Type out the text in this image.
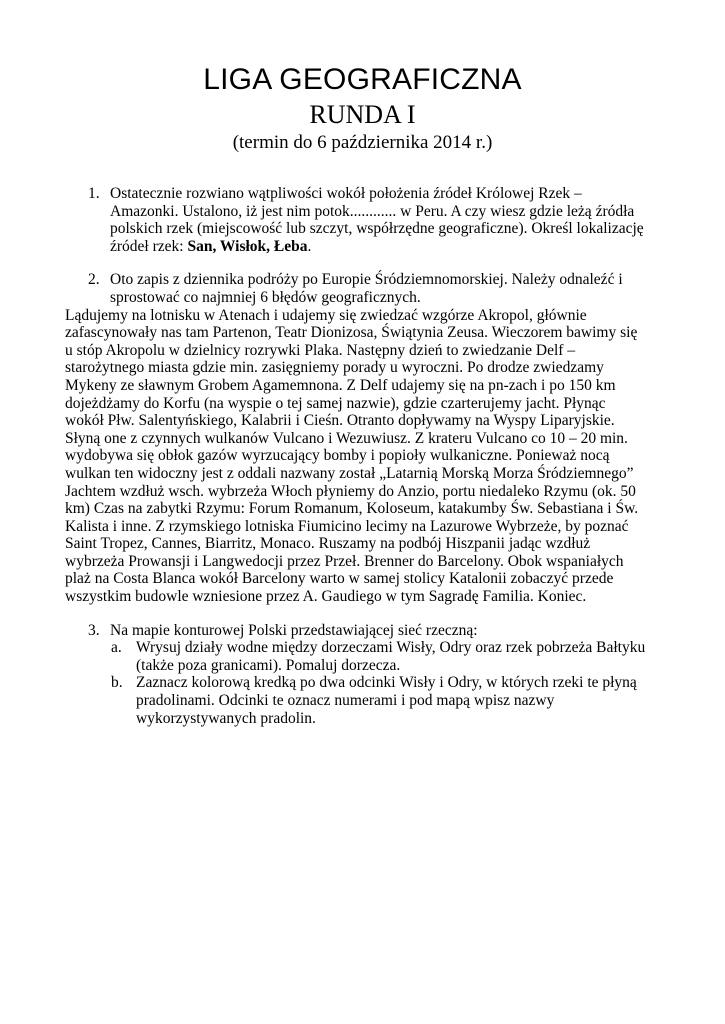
LIGA GEOGRAFICZNA
RUNDA I
(termin do 6 października 2014 r.)
1. Ostatecznie rozwiano wątpliwości wokół położenia źródeł Królowej Rzek – Amazonki. Ustalono, iż jest nim potok............ w Peru. A czy wiesz gdzie leżą źródła polskich rzek (miejscowość lub szczyt, współrzędne geograficzne). Określ lokalizację źródeł rzek: San, Wisłok, Łeba.
2. Oto zapis z dziennika podróży po Europie Śródziemnomorskiej. Należy odnaleźć i sprostować co najmniej 6 błędów geograficznych.
Lądujemy na lotnisku w Atenach i udajemy się zwiedzać wzgórze Akropol, głównie zafascynowały nas tam Partenon, Teatr Dionizosa, Świątynia Zeusa. Wieczorem bawimy się u stóp Akropolu w dzielnicy rozrywki Plaka. Następny dzień to zwiedzanie Delf – starożytnego miasta gdzie min. zasięgniemy porady u wyroczni. Po drodze zwiedzamy Mykeny ze sławnym Grobem Agamemnona. Z Delf udajemy się na pn-zach i po 150 km dojeżdżamy do Korfu (na wyspie o tej samej nazwie), gdzie czarterujemy jacht. Płynąc wokół Płw. Salentyńskiego, Kalabrii i Cieśn. Otranto dopływamy na Wyspy Liparyjskie. Słyną one z czynnych wulkanów Vulcano i Wezuwiusz. Z krateru Vulcano co 10 – 20 min. wydobywa się obłok gazów wyrzucający bomby i popioły wulkaniczne. Ponieważ nocą wulkan ten widoczny jest z oddali nazwany został „Latarnią Morską Morza Śródziemnego” Jachtem wzdłuż wsch. wybrzeża Włoch płyniemy do Anzio, portu niedaleko Rzymu (ok. 50 km) Czas na zabytki Rzymu: Forum Romanum, Koloseum, katakumby Św. Sebastiana i Św. Kalista i inne. Z rzymskiego lotniska Fiumicino lecimy na Lazurowe Wybrzeże, by poznać Saint Tropez, Cannes, Biarritz, Monaco. Ruszamy na podbój Hiszpanii jadąc wzdłuż wybrzeża Prowansji i Langwedocji przez Przeł. Brenner do Barcelony. Obok wspaniałych plaż na Costa Blanca wokół Barcelony warto w samej stolicy Katalonii zobaczyć przede wszystkim budowle wzniesione przez A. Gaudiego w tym Sagradę Familia. Koniec.
3. Na mapie konturowej Polski przedstawiającej sieć rzeczną:
a. Wrysuj działy wodne między dorzeczami Wisły, Odry oraz rzek pobrzeża Bałtyku (także poza granicami). Pomaluj dorzecza.
b. Zaznacz kolorową kredką po dwa odcinki Wisły i Odry, w których rzeki te płyną pradolinami. Odcinki te oznacz numerami i pod mapą wpisz nazwy wykorzystywanych pradolin.
